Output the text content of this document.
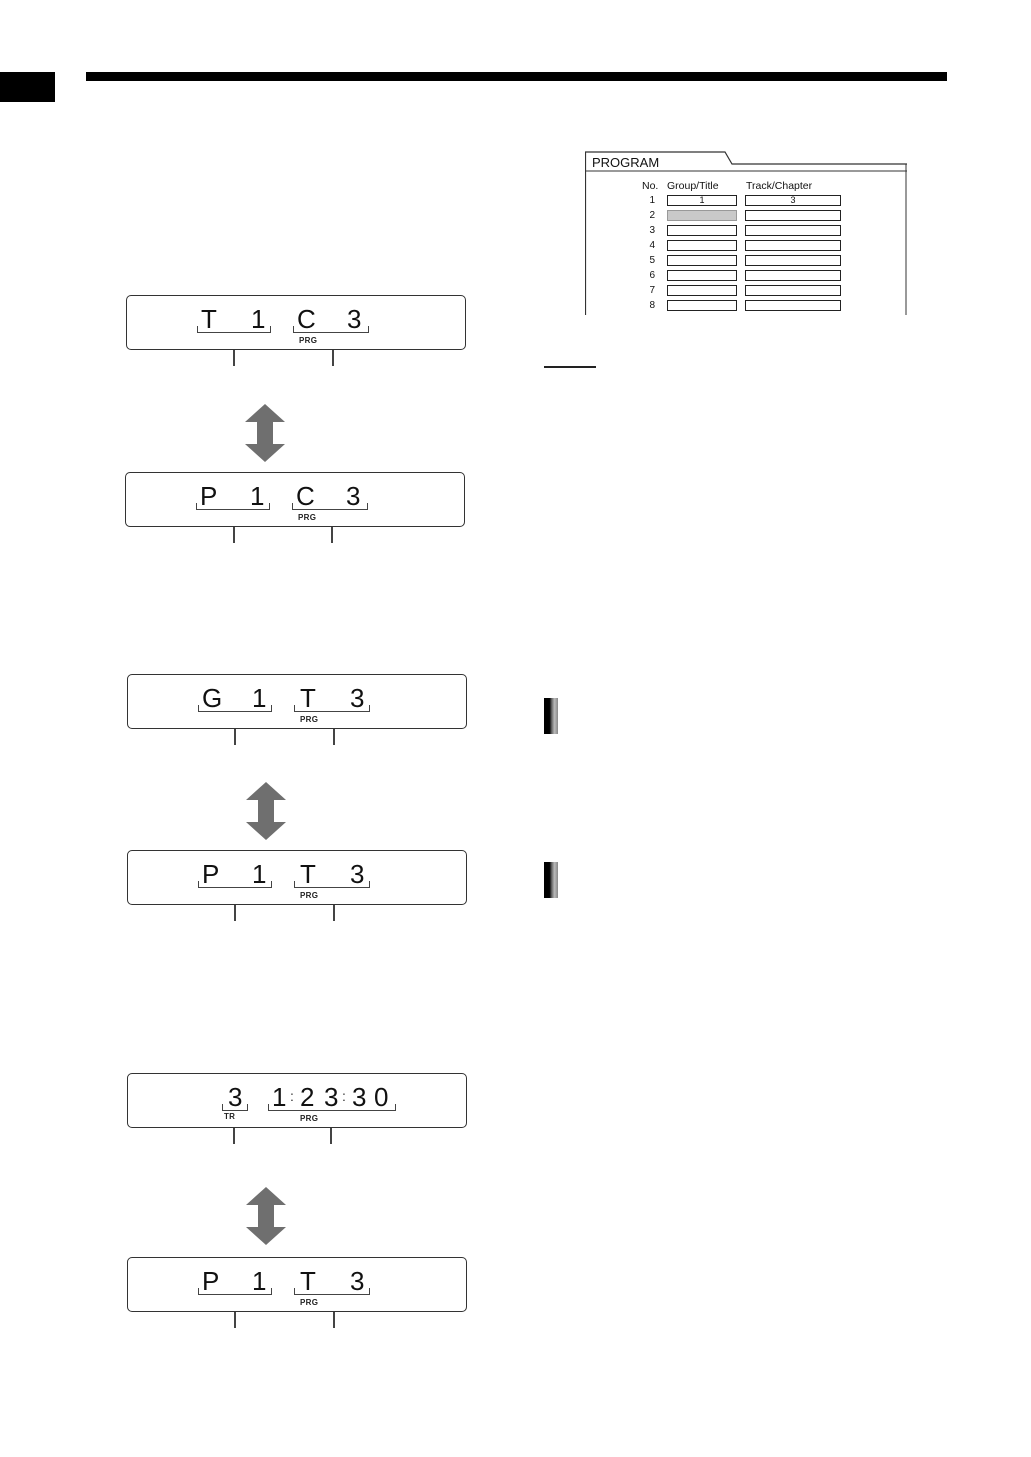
T 1 C 3
PRG
P 1 C 3
PRG
G 1 T 3
PRG
P 1 T 3
PRG
3
TR
1 : 2 3 : 3 0
PRG
P 1 T 3
PRG
PROGRAM
No. Group/Title	Track/Chapter
1	1	3
2
3
4
5
6
7
8
